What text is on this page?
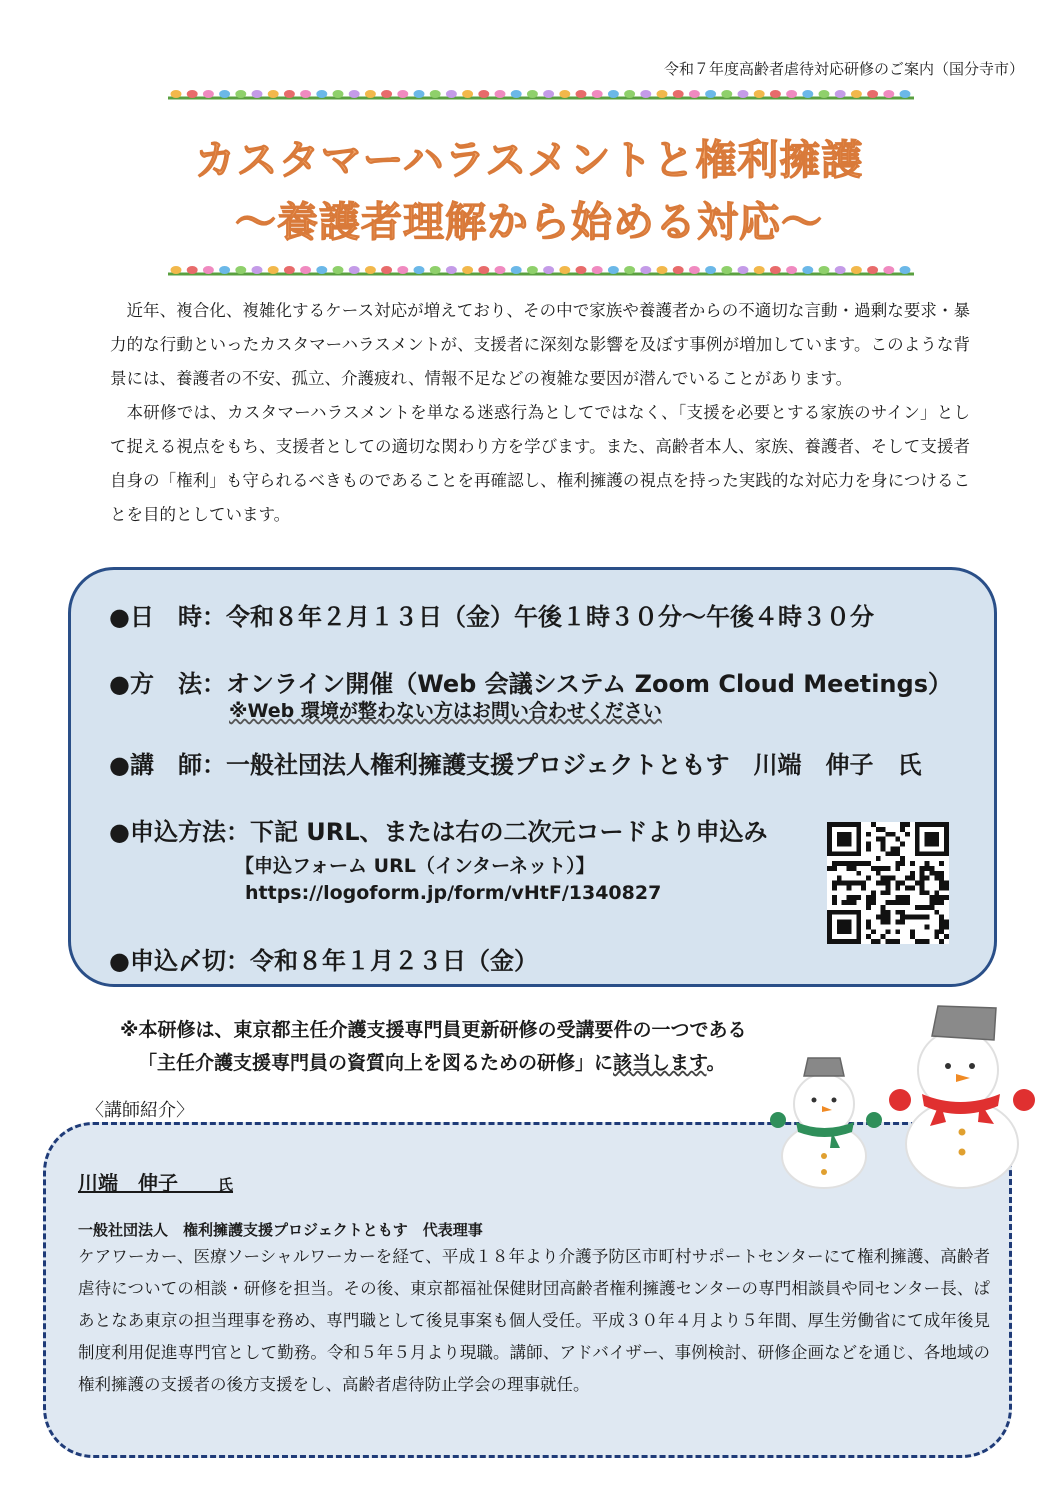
令和７年度高齢者虐待対応研修のご案内（国分寺市）
カスタマーハラスメントと権利擁護
～養護者理解から始める対応～

近年、複合化、複雑化するケース対応が増えており、その中で家族や養護者からの不適切な言動・過剰な要求・暴力的な行動といったカスタマーハラスメントが、支援者に深刻な影響を及ぼす事例が増加しています。このような背景には、養護者の不安、孤立、介護疲れ、情報不足などの複雑な要因が潜んでいることがあります。

本研修では、カスタマーハラスメントを単なる迷惑行為としてではなく、「支援を必要とする家族のサイン」として捉える視点をもち、支援者としての適切な関わり方を学びます。また、高齢者本人、家族、養護者、そして支援者自身の「権利」も守られるべきものであることを再確認し、権利擁護の視点を持った実践的な対応力を身につけることを目的としています。

●日　時：令和８年２月１３日（金）午後１時３０分～午後４時３０分
●方　法：オンライン開催（Web 会議システム Zoom Cloud Meetings）
※Web 環境が整わない方はお問い合わせください
●講　師：一般社団法人権利擁護支援プロジェクトともす　川端　伸子　氏
●申込方法：下記 URL、または右の二次元コードより申込み
【申込フォーム URL（インターネット）】
https://logoform.jp/form/vHtF/1340827
●申込〆切：令和８年１月２３日（金）
※本研修は、東京都主任介護支援専門員更新研修の受講要件の一つである
「主任介護支援専門員の資質向上を図るための研修」に該当します。
〈講師紹介〉
川端　伸子　　	氏
一般社団法人　権利擁護支援プロジェクトともす　代表理事

ケアワーカー、医療ソーシャルワーカーを経て、平成１８年より介護予防区市町村サポートセンターにて権利擁護、高齢者虐待についての相談・研修を担当。その後、東京都福祉保健財団高齢者権利擁護センターの専門相談員や同センター長、ぱあとなあ東京の担当理事を務め、専門職として後見事案も個人受任。平成３０年４月より５年間、厚生労働省にて成年後見制度利用促進専門官として勤務。令和５年５月より現職。講師、アドバイザー、事例検討、研修企画などを通じ、各地域の権利擁護の支援者の後方支援をし、高齢者虐待防止学会の理事就任。
